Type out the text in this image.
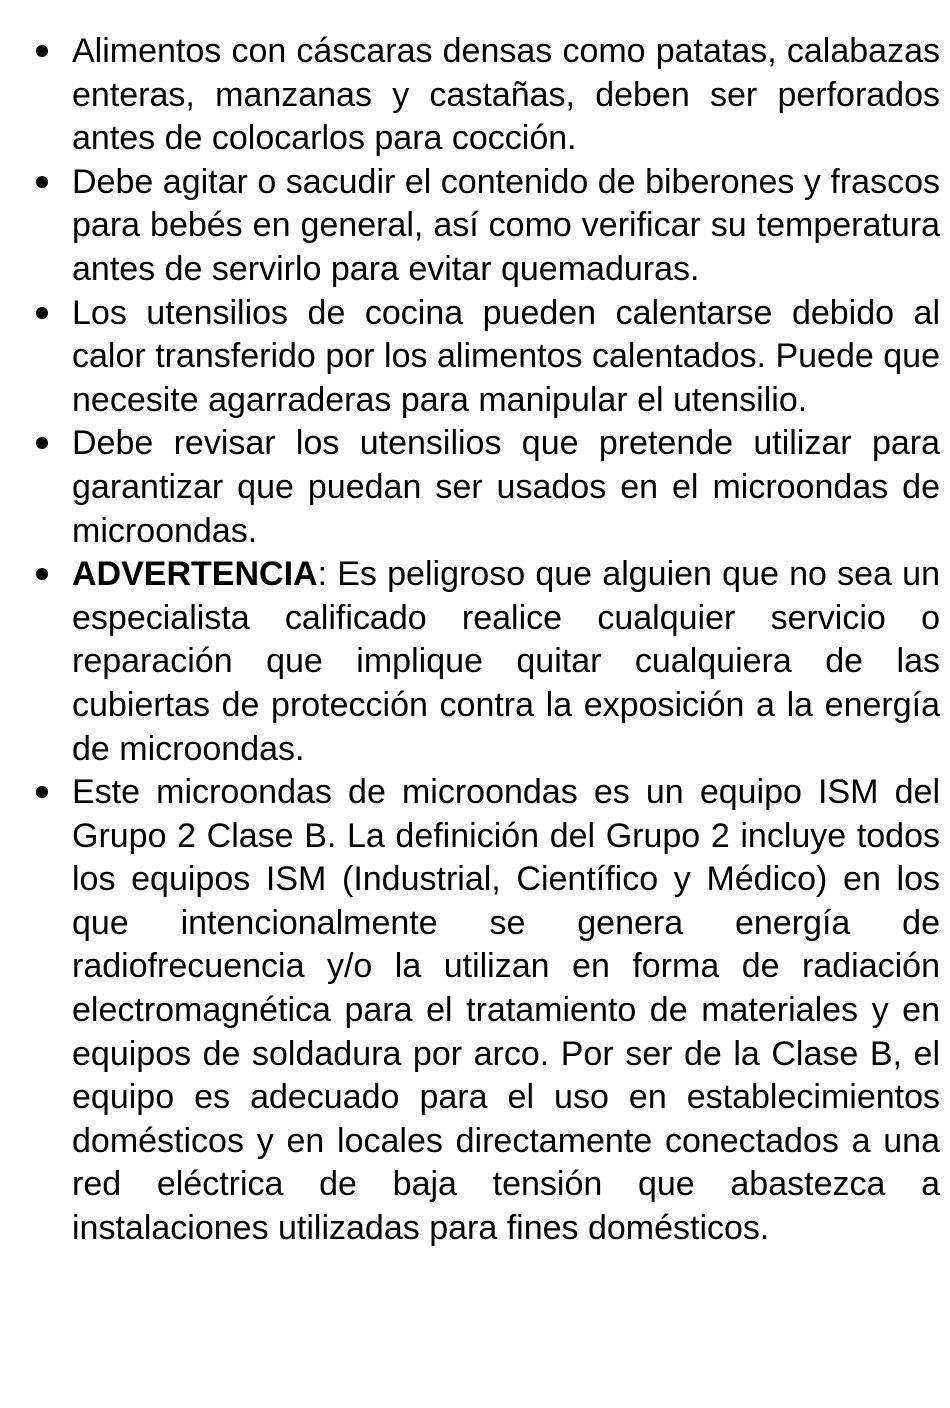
Alimentos con cáscaras densas como patatas, calabazas enteras, manzanas y castañas, deben ser perforados antes de colocarlos para cocción.
Debe agitar o sacudir el contenido de biberones y frascos para bebés en general, así como verificar su temperatura antes de servirlo para evitar quemaduras.
Los utensilios de cocina pueden calentarse debido al calor transferido por los alimentos calentados. Puede que necesite agarraderas para manipular el utensilio.
Debe revisar los utensilios que pretende utilizar para garantizar que puedan ser usados en el microondas de microondas.
ADVERTENCIA: Es peligroso que alguien que no sea un especialista calificado realice cualquier servicio o reparación que implique quitar cualquiera de las cubiertas de protección contra la exposición a la energía de microondas.
Este microondas de microondas es un equipo ISM del Grupo 2 Clase B. La definición del Grupo 2 incluye todos los equipos ISM (Industrial, Científico y Médico) en los que intencionalmente se genera energía de radiofrecuencia y/o la utilizan en forma de radiación electromagnética para el tratamiento de materiales y en equipos de soldadura por arco. Por ser de la Clase B, el equipo es adecuado para el uso en establecimientos domésticos y en locales directamente conectados a una red eléctrica de baja tensión que abastezca a instalaciones utilizadas para fines domésticos.
